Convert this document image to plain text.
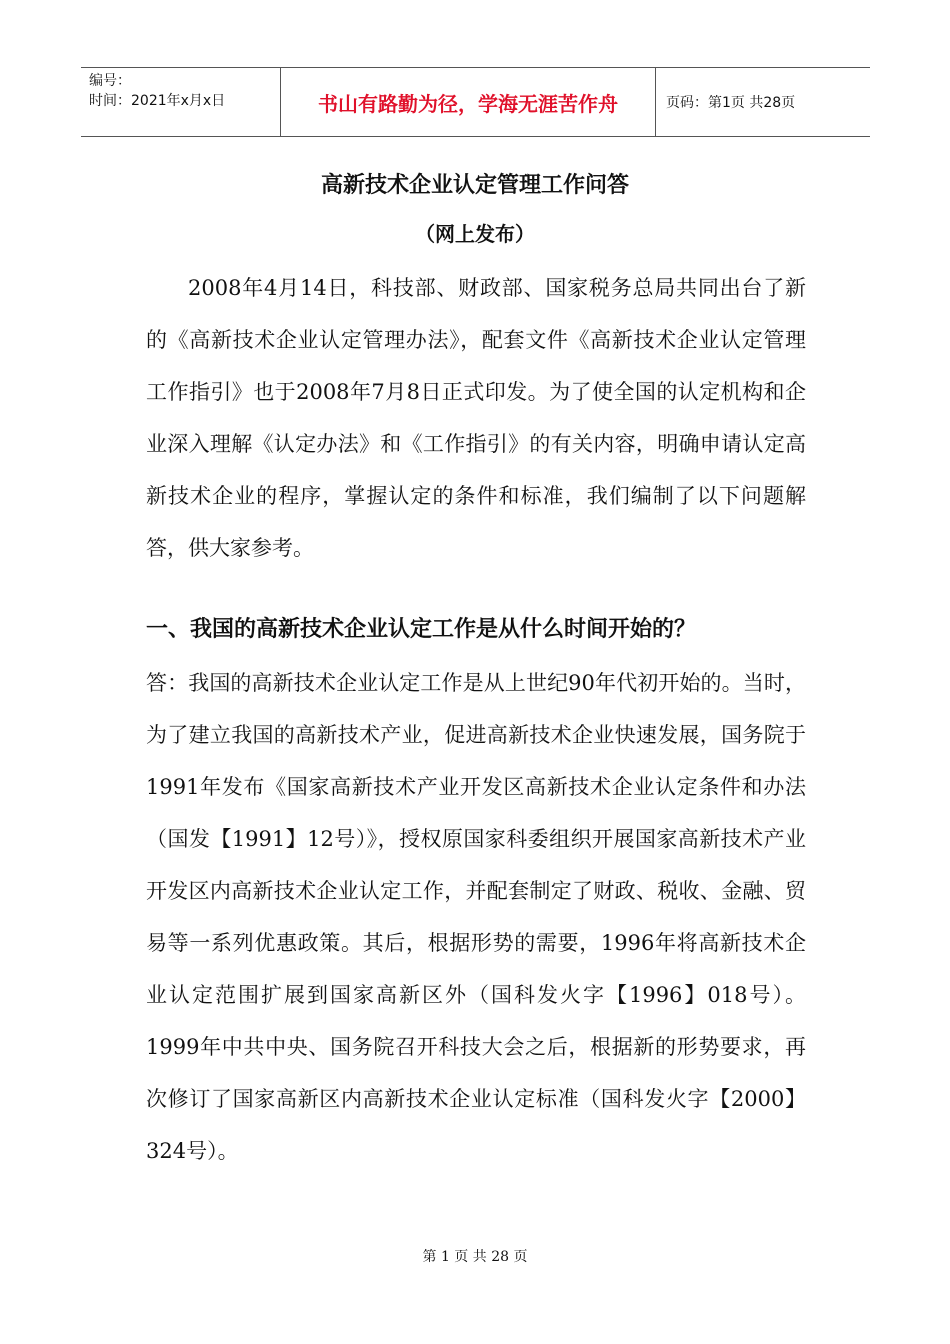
编号：
时间：2021年x月x日	书山有路勤为径，学海无涯苦作舟	页码：第1页 共28页
高新技术企业认定管理工作问答
（网上发布）

2008年4月14日，科技部、财政部、国家税务总局共同出台了新的《高新技术企业认定管理办法》，配套文件《高新技术企业认定管理工作指引》也于2008年7月8日正式印发。为了使全国的认定机构和企业深入理解《认定办法》和《工作指引》的有关内容，明确申请认定高新技术企业的程序，掌握认定的条件和标准，我们编制了以下问题解答，供大家参考。

一、我国的高新技术企业认定工作是从什么时间开始的？

答：我国的高新技术企业认定工作是从上世纪90年代初开始的。当时，为了建立我国的高新技术产业，促进高新技术企业快速发展，国务院于1991年发布《国家高新技术产业开发区高新技术企业认定条件和办法（国发【1991】12号）》，授权原国家科委组织开展国家高新技术产业开发区内高新技术企业认定工作，并配套制定了财政、税收、金融、贸易等一系列优惠政策。其后，根据形势的需要，1996年将高新技术企业认定范围扩展到国家高新区外（国科发火字【1996】018号）。1999年中共中央、国务院召开科技大会之后，根据新的形势要求，再次修订了国家高新区内高新技术企业认定标准（国科发火字【2000】324号）。

第 1 页 共 28 页
